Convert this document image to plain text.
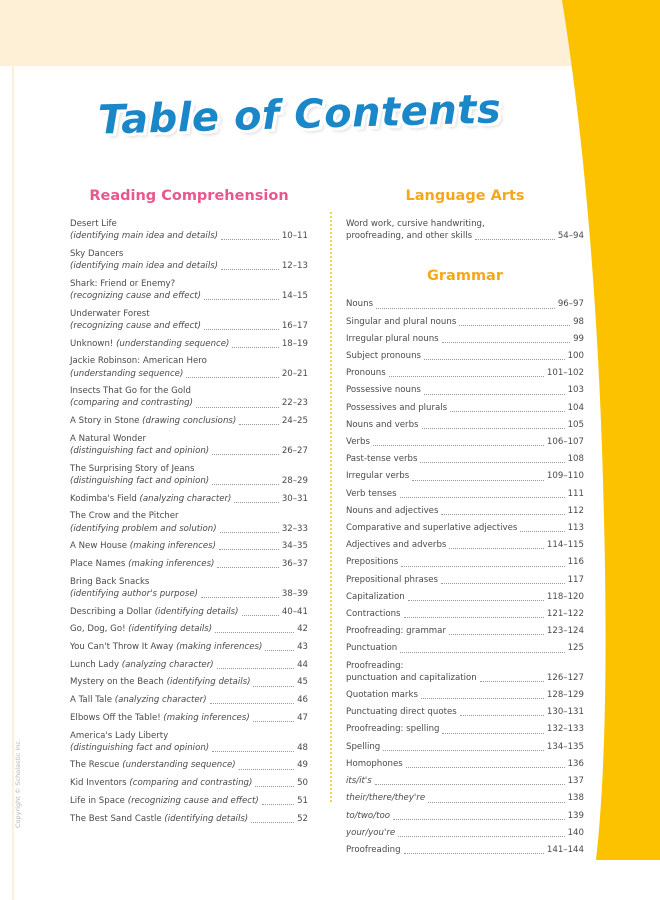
Table of Contents
Reading Comprehension
Desert Life
(identifying main idea and details)	10–11
Sky Dancers
(identifying main idea and details)	12–13
Shark: Friend or Enemy?
(recognizing cause and effect)	14–15
Underwater Forest
(recognizing cause and effect)	16–17
Unknown! (understanding sequence)	18–19
Jackie Robinson: American Hero
(understanding sequence)	20–21
Insects That Go for the Gold
(comparing and contrasting)	22–23
A Story in Stone (drawing conclusions)	24–25
A Natural Wonder
(distinguishing fact and opinion)	26–27
The Surprising Story of Jeans
(distinguishing fact and opinion)	28–29
Kodimba's Field (analyzing character)	30–31
The Crow and the Pitcher
(identifying problem and solution)	32–33
A New House (making inferences)	34–35
Place Names (making inferences)	36–37
Bring Back Snacks
(identifying author's purpose)	38–39
Describing a Dollar (identifying details)	40–41
Go, Dog, Go! (identifying details)	42
You Can't Throw It Away (making inferences)	43
Lunch Lady (analyzing character)	44
Mystery on the Beach (identifying details)	45
A Tall Tale (analyzing character)	46
Elbows Off the Table! (making inferences)	47
America's Lady Liberty
(distinguishing fact and opinion)	48
The Rescue (understanding sequence)	49
Kid Inventors (comparing and contrasting)	50
Life in Space (recognizing cause and effect)	51
The Best Sand Castle (identifying details)	52
Language Arts
Word work, cursive handwriting,
proofreading, and other skills	54–94
Grammar
Nouns	96–97
Singular and plural nouns	98
Irregular plural nouns	99
Subject pronouns	100
Pronouns	101–102
Possessive nouns	103
Possessives and plurals	104
Nouns and verbs	105
Verbs	106–107
Past-tense verbs	108
Irregular verbs	109–110
Verb tenses	111
Nouns and adjectives	112
Comparative and superlative adjectives	113
Adjectives and adverbs	114–115
Prepositions	116
Prepositional phrases	117
Capitalization	118–120
Contractions	121–122
Proofreading: grammar	123–124
Punctuation	125
Proofreading:
punctuation and capitalization	126–127
Quotation marks	128–129
Punctuating direct quotes	130–131
Proofreading: spelling	132–133
Spelling	134–135
Homophones	136
its/it's	137
their/there/they're	138
to/two/too	139
your/you're	140
Proofreading	141–144
Copyright © Scholastic Inc.
